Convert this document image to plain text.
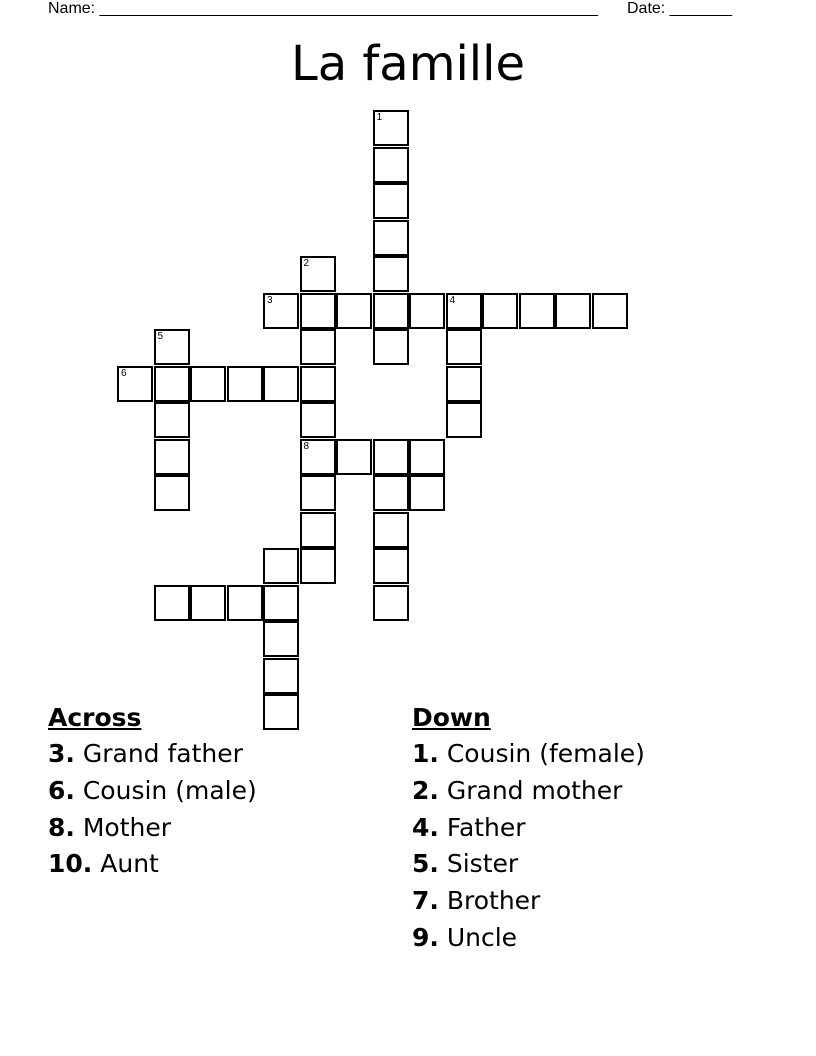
Name: ________________________________________________________ Date: _______
La famille
1
2
8
3	4
5
6
Across
3. Grand father
6. Cousin (male)
8. Mother
10. Aunt
Down
1. Cousin (female)
2. Grand mother
4. Father
5. Sister
7. Brother
9. Uncle
